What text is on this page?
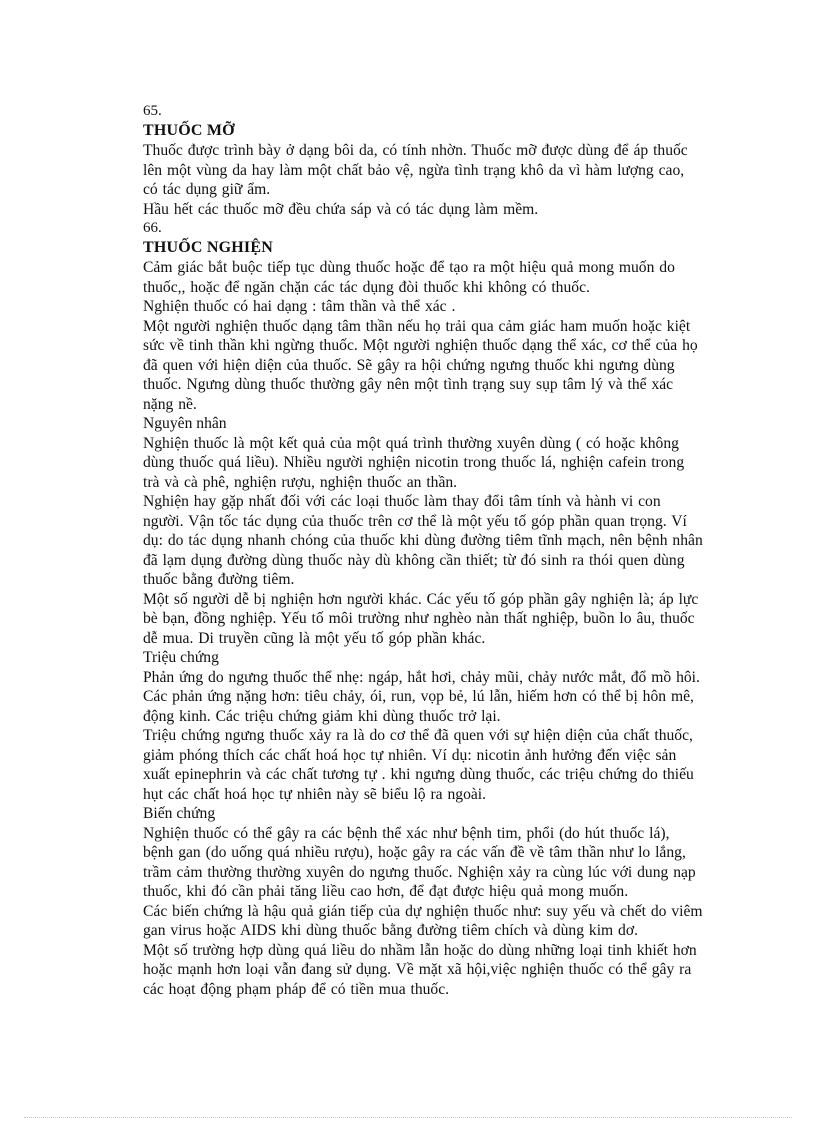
65.
THUỐC MỠ

Thuốc được trình bày ở dạng bôi da, có tính nhờn. Thuốc mỡ được dùng để áp thuốc lên một vùng da hay làm một chất bảo vệ, ngừa tình trạng khô da vì hàm lượng cao, có tác dụng giữ ẩm.

Hầu hết các thuốc mỡ đều chứa sáp và có tác dụng làm mềm.

66.
THUỐC NGHIỆN

Cảm giác bắt buộc tiếp tục dùng thuốc hoặc để tạo ra một hiệu quả mong muốn do thuốc,, hoặc để ngăn chặn các tác dụng đòi thuốc khi không có thuốc.

Nghiện thuốc có hai dạng : tâm thần và thể xác .

Một người nghiện thuốc dạng tâm thần nếu họ trải qua cảm giác ham muốn hoặc kiệt sức về tinh thần khi ngừng thuốc. Một người nghiện thuốc dạng thể xác, cơ thể của họ đã quen với hiện diện của thuốc. Sẽ gây ra hội chứng ngưng thuốc khi ngưng dùng thuốc. Ngưng dùng thuốc thường gây nên một tình trạng suy sụp tâm lý và thể xác nặng nề.

Nguyên nhân

Nghiện thuốc là một kết quả của một quá trình thường xuyên dùng ( có hoặc không dùng thuốc quá liều). Nhiều người nghiện nicotin trong thuốc lá, nghiện cafein trong trà và cà phê, nghiện rượu, nghiện thuốc an thần.

Nghiện hay gặp nhất đối với các loại thuốc làm thay đổi tâm tính và hành vi con người. Vận tốc tác dụng của thuốc trên cơ thể là một yếu tố góp phần quan trọng. Ví dụ: do tác dụng nhanh chóng của thuốc khi dùng đường tiêm tĩnh mạch, nên bệnh nhân đã lạm dụng đường dùng thuốc này dù không cần thiết; từ đó sinh ra thói quen dùng thuốc bằng đường tiêm.

Một số người dễ bị nghiện hơn người khác. Các yếu tố góp phần gây nghiện là; áp lực bè bạn, đồng nghiệp. Yếu tố môi trường như nghèo nàn thất nghiệp, buồn lo âu, thuốc dễ mua. Di truyền cũng là một yếu tố góp phần khác.

Triệu chứng

Phản ứng do ngưng thuốc thể nhẹ: ngáp, hắt hơi, chảy mũi, chảy nước mắt, đổ mồ hôi. Các phản ứng nặng hơn: tiêu chảy, ói, run, vọp bẻ, lú lẫn, hiếm hơn có thể bị hôn mê, động kinh. Các triệu chứng giảm khi dùng thuốc trở lại.

Triệu chứng ngưng thuốc xảy ra là do cơ thể đã quen với sự hiện diện của chất thuốc, giảm phóng thích các chất hoá học tự nhiên. Ví dụ: nicotin ảnh hưởng đến việc sản xuất epinephrin và các chất tương tự . khi ngưng dùng thuốc, các triệu chứng do thiếu hụt các chất hoá học tự nhiên này sẽ biểu lộ ra ngoài.

Biến chứng

Nghiện thuốc có thể gây ra các bệnh thể xác như bệnh tim, phổi (do hút thuốc lá), bệnh gan (do uống quá nhiều rượu), hoặc gây ra các vấn đề về tâm thần như lo lắng, trầm cảm thường thường xuyên do ngưng thuốc. Nghiện xảy ra cùng lúc với dung nạp thuốc, khi đó cần phải tăng liều cao hơn, để đạt được hiệu quả mong muốn.

Các biến chứng là hậu quả gián tiếp của dự nghiện thuốc như: suy yếu và chết do viêm gan virus hoặc AIDS khi dùng thuốc bằng đường tiêm chích và dùng kim dơ.

Một số trường hợp dùng quá liều do nhầm lẫn hoặc do dùng những loại tinh khiết hơn hoặc mạnh hơn loại vẫn đang sử dụng. Về mặt xã hội,việc nghiện thuốc có thể gây ra các hoạt động phạm pháp để có tiền mua thuốc.
